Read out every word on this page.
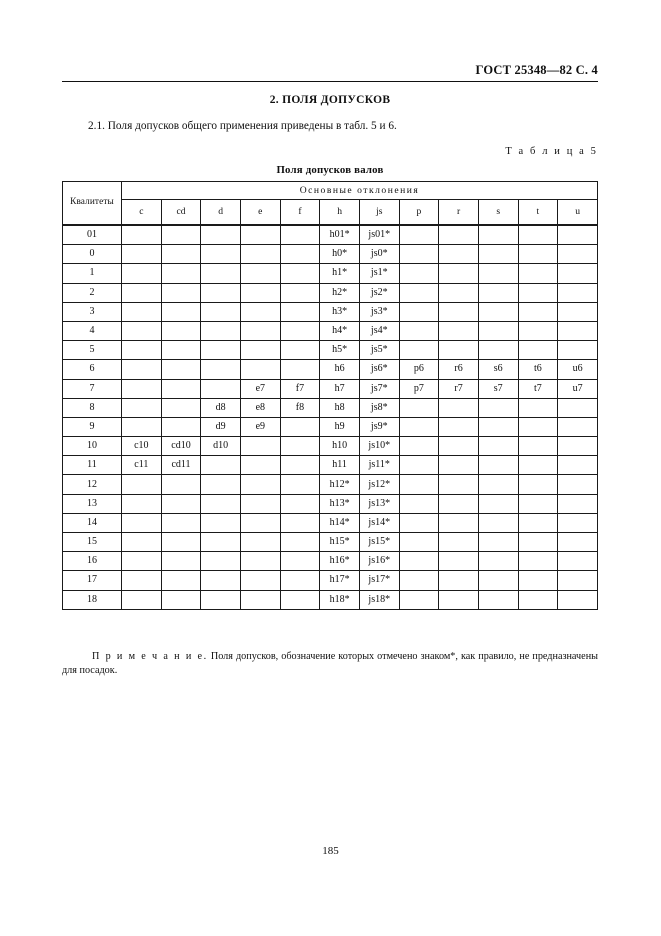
ГОСТ 25348—82 С. 4
2. ПОЛЯ ДОПУСКОВ
2.1. Поля допусков общего применения приведены в табл. 5 и 6.
Т а б л и ц а 5
Поля допусков валов
Квалитеты	Основные отклонения											
	c	cd	d	e	f	h	js	p	r	s	t	u
01						h01*	js01*					
0						h0*	js0*					
1						h1*	js1*					
2						h2*	js2*					
3						h3*	js3*					
4						h4*	js4*					
5						h5*	js5*					
6						h6	js6*	p6	r6	s6	t6	u6
7				e7	f7	h7	js7*	p7	r7	s7	t7	u7
8			d8	e8	f8	h8	js8*					
9			d9	e9		h9	js9*					
10	c10	cd10	d10			h10	js10*					
11	c11	cd11				h11	js11*					
12						h12*	js12*					
13						h13*	js13*					
14						h14*	js14*					
15						h15*	js15*					
16						h16*	js16*					
17						h17*	js17*					
18						h18*	js18*					
П р и м е ч а н и е. Поля допусков, обозначение которых отмечено знаком*, как правило, не предназначены для посадок.
185
